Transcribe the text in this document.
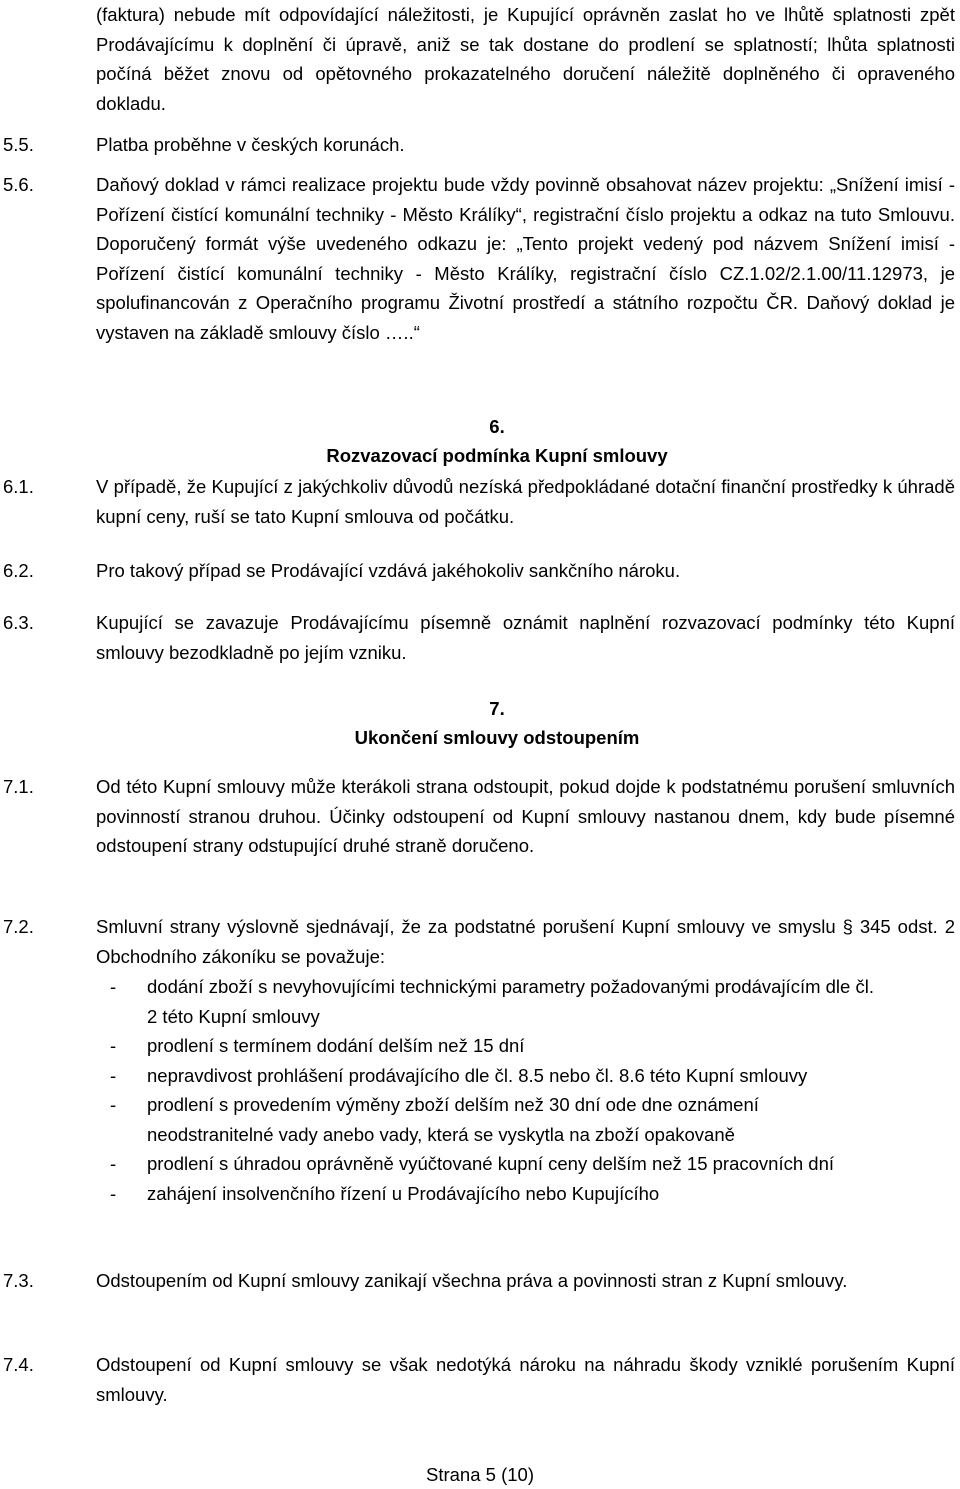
(faktura) nebude mít odpovídající náležitosti, je Kupující oprávněn zaslat ho ve lhůtě splatnosti zpět Prodávajícímu k doplnění či úpravě, aniž se tak dostane do prodlení se splatností; lhůta splatnosti počíná běžet znovu od opětovného prokazatelného doručení náležitě doplněného či opraveného dokladu.
5.5.	Platba proběhne v českých korunách.
5.6.	Daňový doklad v rámci realizace projektu bude vždy povinně obsahovat název projektu: „Snížení imisí - Pořízení čistící komunální techniky - Město Králíky“, registrační číslo projektu a odkaz na tuto Smlouvu. Doporučený formát výše uvedeného odkazu je: „Tento projekt vedený pod názvem Snížení imisí - Pořízení čistící komunální techniky - Město Králíky, registrační číslo CZ.1.02/2.1.00/11.12973, je spolufinancován z Operačního programu Životní prostředí a státního rozpočtu ČR. Daňový doklad je vystaven na základě smlouvy číslo …..“
6.
Rozvazovací podmínka Kupní smlouvy
6.1.	V případě, že Kupující z jakýchkoliv důvodů nezíská předpokládané dotační finanční prostředky k úhradě kupní ceny, ruší se tato Kupní smlouva od počátku.
6.2.	Pro takový případ se Prodávající vzdává jakéhokoliv sankčního nároku.
6.3.	Kupující se zavazuje Prodávajícímu písemně oznámit naplnění rozvazovací podmínky této Kupní smlouvy bezodkladně po jejím vzniku.
7.
Ukončení smlouvy odstoupením
7.1.	Od této Kupní smlouvy může kterákoli strana odstoupit, pokud dojde k podstatnému porušení smluvních povinností stranou druhou. Účinky odstoupení od Kupní smlouvy nastanou dnem, kdy bude písemné odstoupení strany odstupující druhé straně doručeno.
7.2.	Smluvní strany výslovně sjednávají, že za podstatné porušení Kupní smlouvy ve smyslu § 345 odst. 2 Obchodního zákoníku se považuje:
- dodání zboží s nevyhovujícími technickými parametry požadovanými prodávajícím dle čl. 2 této Kupní smlouvy
- prodlení s termínem dodání delším než 15 dní
- nepravdivost prohlášení prodávajícího dle čl. 8.5 nebo čl. 8.6 této Kupní smlouvy
- prodlení s provedením výměny zboží delším než 30 dní ode dne oznámení neodstranitelné vady anebo vady, která se vyskytla na zboží opakovaně
- prodlení s úhradou oprávněně vyúčtované kupní ceny delším než 15 pracovních dní
- zahájení insolvenčního řízení u Prodávajícího nebo Kupujícího
7.3.	Odstoupením od Kupní smlouvy zanikají všechna práva a povinnosti stran z Kupní smlouvy.
7.4.	Odstoupení od Kupní smlouvy se však nedotýká nároku na náhradu škody vzniklé porušením Kupní smlouvy.
Strana 5 (10)
